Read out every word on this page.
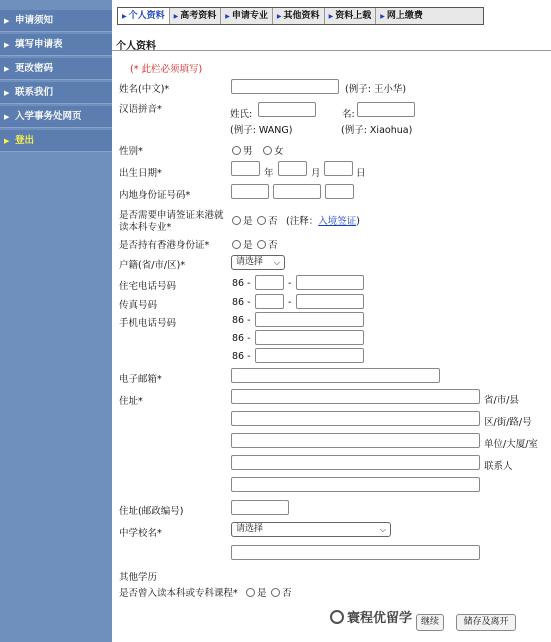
▶ 申请须知
▶ 填写申请表
▶ 更改密码
▶ 联系我们
▶ 入学事务处网页
▶ 登出
▶ 个人资料	▶ 高考资料	▶ 申请专业	▶ 其他资料	▶ 资料上载	▶ 网上缴费
个人资料
(* 此栏必须填写)
姓名(中文)*	(例子: 王小华)
汉语拼音*	姓氏:
(例子: WANG)
名:
(例子: Xiaohua)
性别*	男	女
出生日期*	年	月	日
内地身份证号码*
是否需要申请签证来港就
读本科专业*
是	否 (注释：入境签证)
是否持有香港身份证*	是	否
户籍(省/市/区)*	请选择 ⌵
住宅电话号码	86 -	-
传真号码	86 -	-
手机电话号码	86 -
86 -
86 -
电子邮箱*
住址*	省/市/县
区/街/路/号
单位/大厦/室
联系人
住址(邮政编号)
中学校名*	请选择	⌵
其他学历
是否曾入读本科或专科课程*	是	否
继续	储存及离开
寰程优留学
